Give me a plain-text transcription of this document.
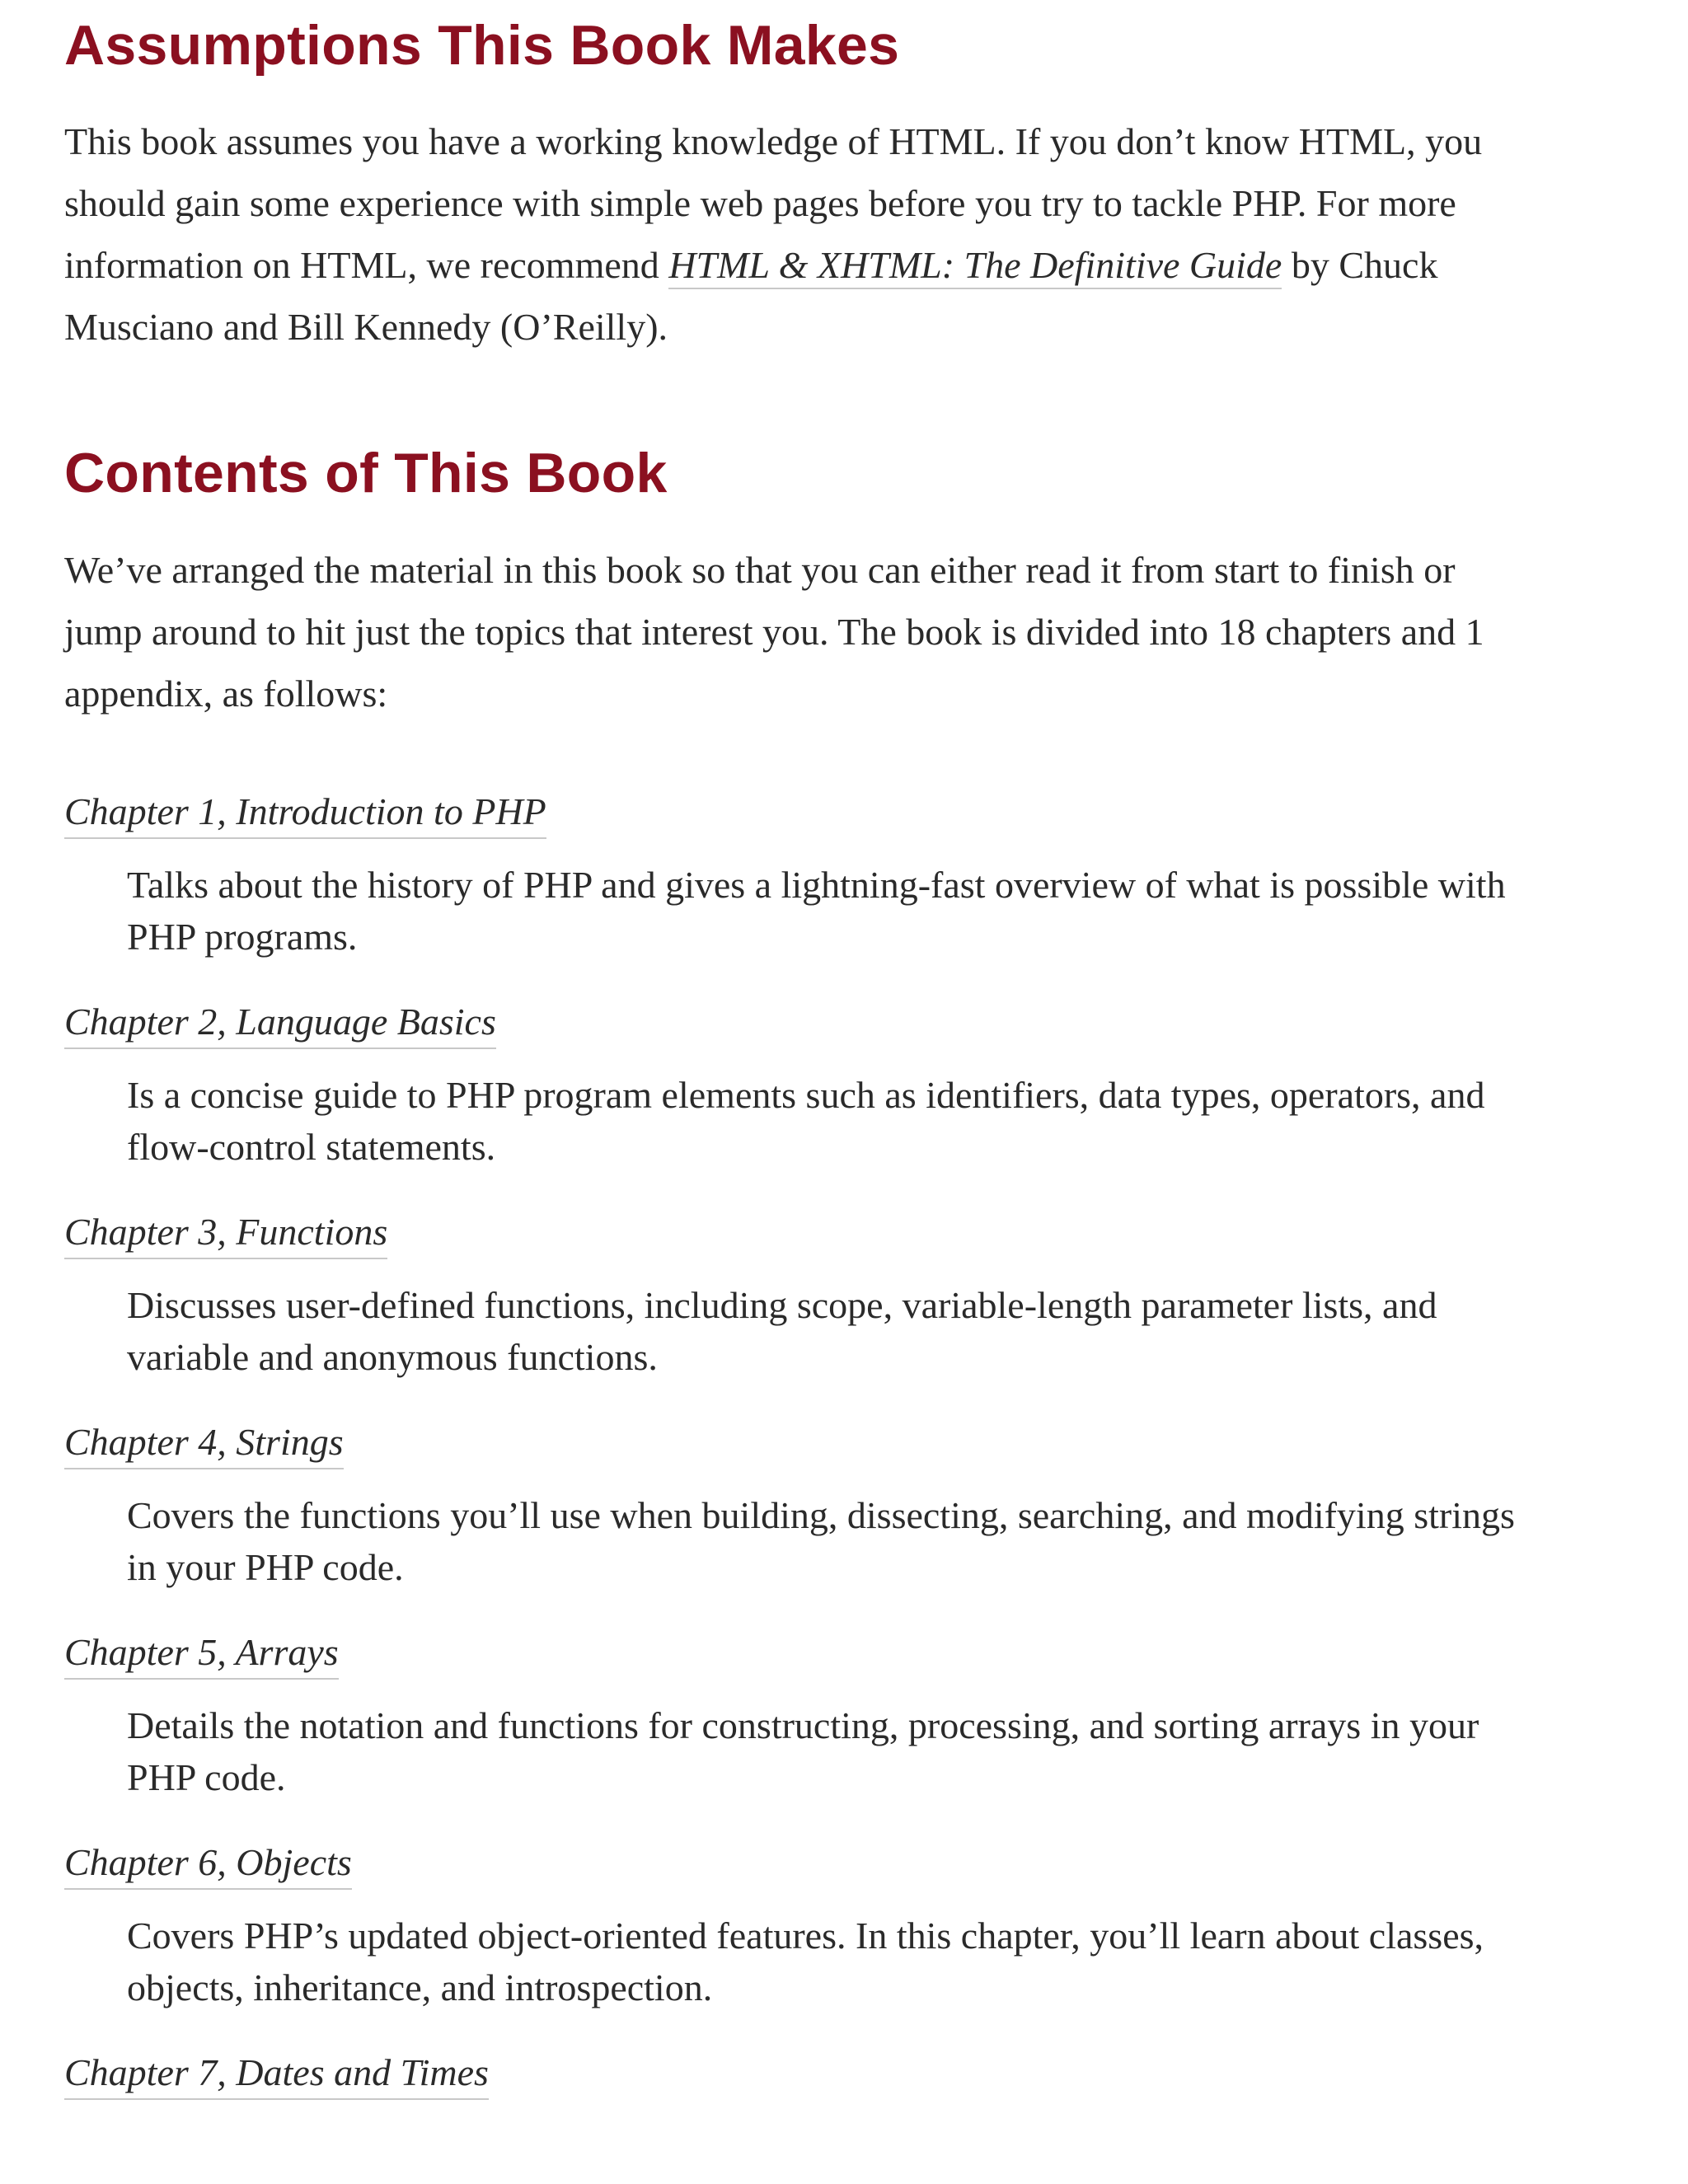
Assumptions This Book Makes

This book assumes you have a working knowledge of HTML. If you don’t know HTML, you should gain some experience with simple web pages before you try to tackle PHP. For more information on HTML, we recommend HTML & XHTML: The Definitive Guide by Chuck Musciano and Bill Kennedy (O’Reilly).

Contents of This Book

We’ve arranged the material in this book so that you can either read it from start to finish or jump around to hit just the topics that interest you. The book is divided into 18 chapters and 1 appendix, as follows:

Chapter 1, Introduction to PHP
Talks about the history of PHP and gives a lightning-fast overview of what is possible with PHP programs.
Chapter 2, Language Basics
Is a concise guide to PHP program elements such as identifiers, data types, operators, and flow-control statements.
Chapter 3, Functions
Discusses user-defined functions, including scope, variable-length parameter lists, and variable and anonymous functions.
Chapter 4, Strings
Covers the functions you’ll use when building, dissecting, searching, and modifying strings in your PHP code.
Chapter 5, Arrays
Details the notation and functions for constructing, processing, and sorting arrays in your PHP code.
Chapter 6, Objects
Covers PHP’s updated object-oriented features. In this chapter, you’ll learn about classes, objects, inheritance, and introspection.
Chapter 7, Dates and Times
